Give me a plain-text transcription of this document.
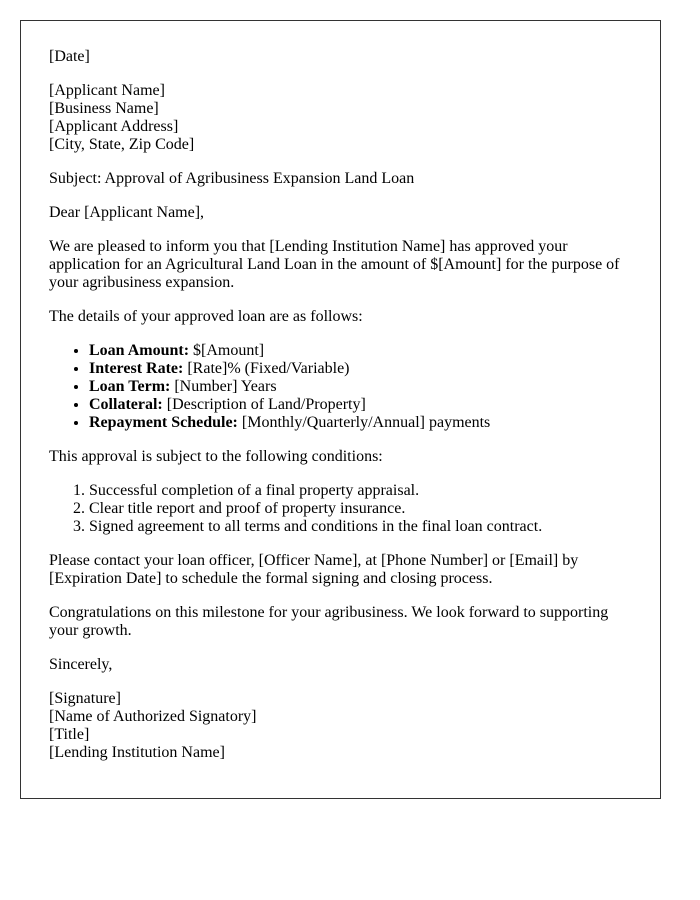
[Date]

[Applicant Name]
[Business Name]
[Applicant Address]
[City, State, Zip Code]

Subject: Approval of Agribusiness Expansion Land Loan

Dear [Applicant Name],

We are pleased to inform you that [Lending Institution Name] has approved your application for an Agricultural Land Loan in the amount of $[Amount] for the purpose of your agribusiness expansion.

The details of your approved loan are as follows:

• Loan Amount: $[Amount]
• Interest Rate: [Rate]% (Fixed/Variable)
• Loan Term: [Number] Years
• Collateral: [Description of Land/Property]
• Repayment Schedule: [Monthly/Quarterly/Annual] payments

This approval is subject to the following conditions:

1. Successful completion of a final property appraisal.
2. Clear title report and proof of property insurance.
3. Signed agreement to all terms and conditions in the final loan contract.

Please contact your loan officer, [Officer Name], at [Phone Number] or [Email] by [Expiration Date] to schedule the formal signing and closing process.

Congratulations on this milestone for your agribusiness. We look forward to supporting your growth.

Sincerely,

[Signature]
[Name of Authorized Signatory]
[Title]
[Lending Institution Name]
